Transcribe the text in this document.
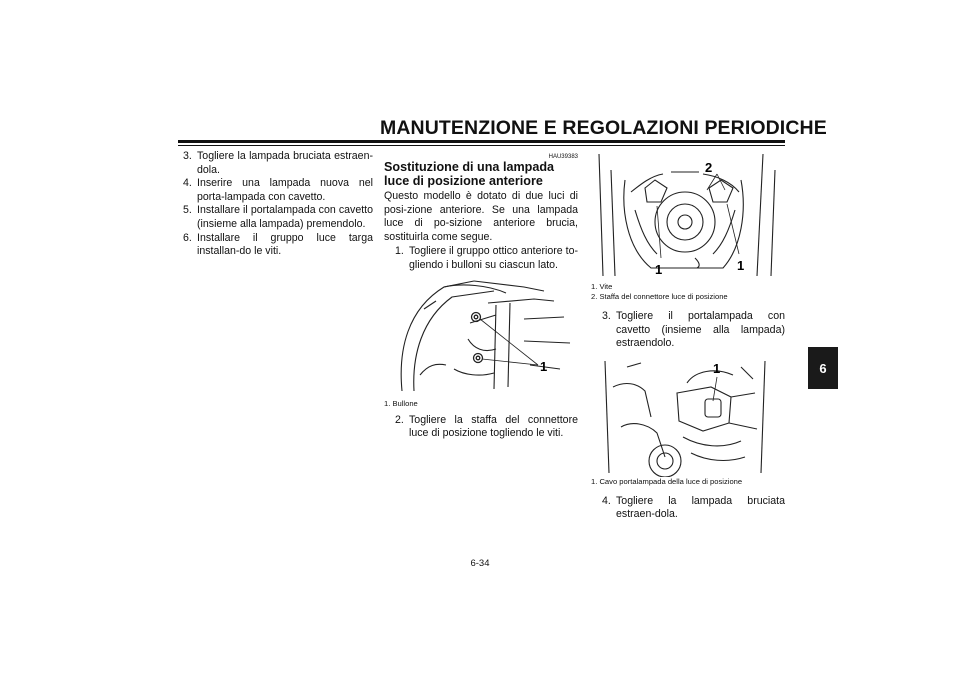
MANUTENZIONE E REGOLAZIONI PERIODICHE
6
3. Togliere la lampada bruciata estraen-dola.
4. Inserire una lampada nuova nel porta-lampada con cavetto.
5. Installare il portalampada con cavetto (insieme alla lampada) premendolo.
6. Installare il gruppo luce targa installan-do le viti.
HAU39383
Sostituzione di una lampada luce di posizione anteriore
Questo modello è dotato di due luci di posi-zione anteriore. Se una lampada luce di po-sizione anteriore brucia, sostituirla come segue.
1. Togliere il gruppo ottico anteriore to-gliendo i bulloni su ciascun lato.
1
1. Bullone
2. Togliere la staffa del connettore luce di posizione togliendo le viti.
2
1	1
1. Vite
2. Staffa del connettore luce di posizione
3. Togliere il portalampada con cavetto (insieme alla lampada) estraendolo.
1
1. Cavo portalampada della luce di posizione
4. Togliere la lampada bruciata estraen-dola.
6-34
